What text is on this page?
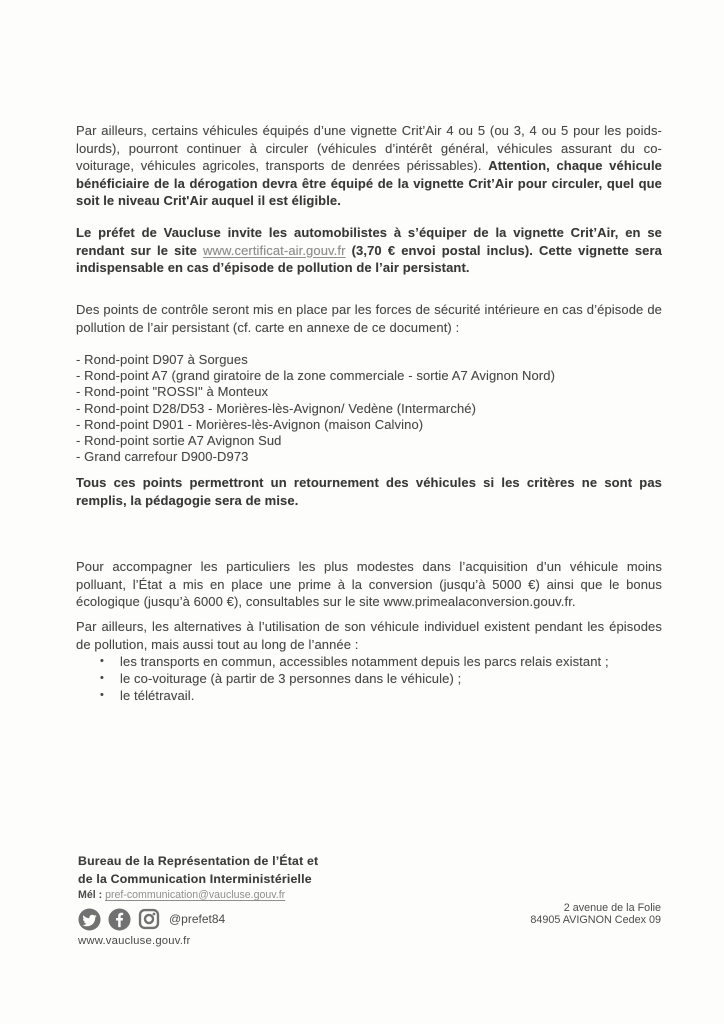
Par ailleurs, certains véhicules équipés d’une vignette Crit’Air 4 ou 5 (ou 3, 4 ou 5 pour les poids-lourds), pourront continuer à circuler (véhicules d’intérêt général, véhicules assurant du co-voiturage, véhicules agricoles, transports de denrées périssables). Attention, chaque véhicule bénéficiaire de la dérogation devra être équipé de la vignette Crit’Air pour circuler, quel que soit le niveau Crit'Air auquel il est éligible.

Le préfet de Vaucluse invite les automobilistes à s’équiper de la vignette Crit’Air, en se rendant sur le site www.certificat-air.gouv.fr (3,70 € envoi postal inclus). Cette vignette sera indispensable en cas d’épisode de pollution de l’air persistant.

Des points de contrôle seront mis en place par les forces de sécurité intérieure en cas d’épisode de pollution de l’air persistant (cf. carte en annexe de ce document) :

- Rond-point D907 à Sorgues
- Rond-point A7 (grand giratoire de la zone commerciale - sortie A7 Avignon Nord)
- Rond-point "ROSSI" à Monteux
- Rond-point D28/D53 - Morières-lès-Avignon/ Vedène (Intermarché)
- Rond-point D901 - Morières-lès-Avignon (maison Calvino)
- Rond-point sortie A7 Avignon Sud
- Grand carrefour D900-D973

Tous ces points permettront un retournement des véhicules si les critères ne sont pas remplis, la pédagogie sera de mise.

Pour accompagner les particuliers les plus modestes dans l’acquisition d’un véhicule moins polluant, l’État a mis en place une prime à la conversion (jusqu’à 5000 €) ainsi que le bonus écologique (jusqu’à 6000 €), consultables sur le site www.primealaconversion.gouv.fr.

Par ailleurs, les alternatives à l’utilisation de son véhicule individuel existent pendant les épisodes de pollution, mais aussi tout au long de l’année :

•	les transports en commun, accessibles notamment depuis les parcs relais existant ;
•	le co-voiturage (à partir de 3 personnes dans le véhicule) ;
•	le télétravail.
Bureau de la Représentation de l’État et
de la Communication Interministérielle
Mél : pref-communication@vaucluse.gouv.fr
@prefet84
www.vaucluse.gouv.fr
2 avenue de la Folie
84905 AVIGNON Cedex 09
